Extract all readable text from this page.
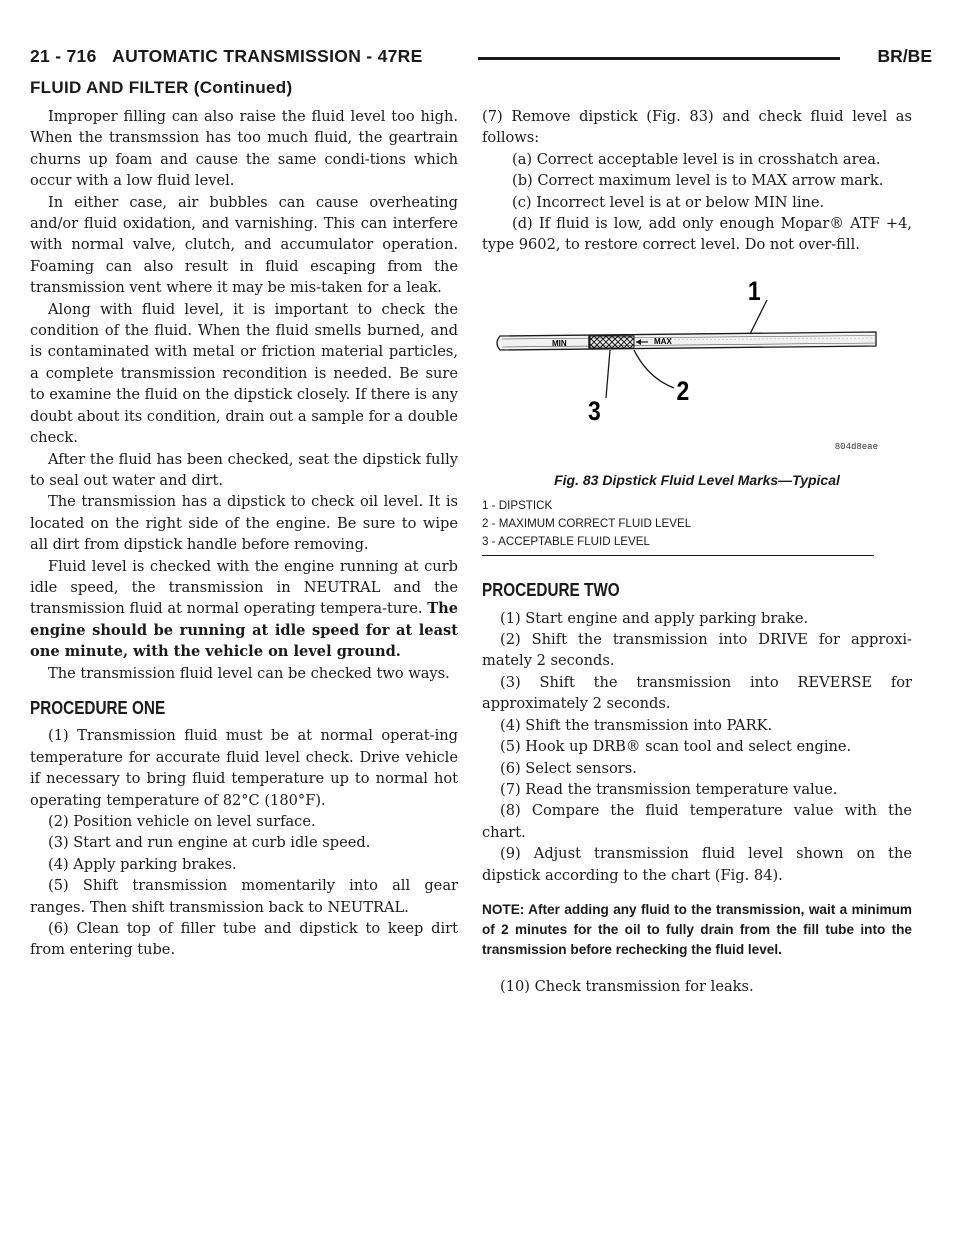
21 - 716 AUTOMATIC TRANSMISSION - 47RE	BR/BE
FLUID AND FILTER (Continued)

Improper filling can also raise the fluid level too high. When the transmssion has too much fluid, the geartrain churns up foam and cause the same condi-tions which occur with a low fluid level.

In either case, air bubbles can cause overheating and/or fluid oxidation, and varnishing. This can interfere with normal valve, clutch, and accumulator operation. Foaming can also result in fluid escaping from the transmission vent where it may be mis-taken for a leak.

Along with fluid level, it is important to check the condition of the fluid. When the fluid smells burned, and is contaminated with metal or friction material particles, a complete transmission recondition is needed. Be sure to examine the fluid on the dipstick closely. If there is any doubt about its condition, drain out a sample for a double check.

After the fluid has been checked, seat the dipstick fully to seal out water and dirt.

The transmission has a dipstick to check oil level. It is located on the right side of the engine. Be sure to wipe all dirt from dipstick handle before removing.

Fluid level is checked with the engine running at curb idle speed, the transmission in NEUTRAL and the transmission fluid at normal operating tempera-ture. The engine should be running at idle speed for at least one minute, with the vehicle on level ground.

The transmission fluid level can be checked two ways.

PROCEDURE ONE

(1) Transmission fluid must be at normal operat-ing temperature for accurate fluid level check. Drive vehicle if necessary to bring fluid temperature up to normal hot operating temperature of 82°C (180°F).

(2) Position vehicle on level surface.

(3) Start and run engine at curb idle speed.

(4) Apply parking brakes.

(5) Shift transmission momentarily into all gear ranges. Then shift transmission back to NEUTRAL.

(6) Clean top of filler tube and dipstick to keep dirt from entering tube.

(7) Remove dipstick (Fig. 83) and check fluid level as follows:

(a) Correct acceptable level is in crosshatch area.

(b) Correct maximum level is to MAX arrow mark.

(c) Incorrect level is at or below MIN line.

(d) If fluid is low, add only enough Mopar® ATF +4, type 9602, to restore correct level. Do not over-fill.

MIN	MAX
1
2
3
804d8eae

Fig. 83 Dipstick Fluid Level Marks—Typical

1 - DIPSTICK

2 - MAXIMUM CORRECT FLUID LEVEL

3 - ACCEPTABLE FLUID LEVEL

PROCEDURE TWO

(1) Start engine and apply parking brake.

(2) Shift the transmission into DRIVE for approxi-mately 2 seconds.

(3) Shift the transmission into REVERSE for approximately 2 seconds.

(4) Shift the transmission into PARK.

(5) Hook up DRB® scan tool and select engine.

(6) Select sensors.

(7) Read the transmission temperature value.

(8) Compare the fluid temperature value with the chart.

(9) Adjust transmission fluid level shown on the dipstick according to the chart (Fig. 84).

NOTE: After adding any fluid to the transmission, wait a minimum of 2 minutes for the oil to fully drain from the fill tube into the transmission before rechecking the fluid level.

(10) Check transmission for leaks.
